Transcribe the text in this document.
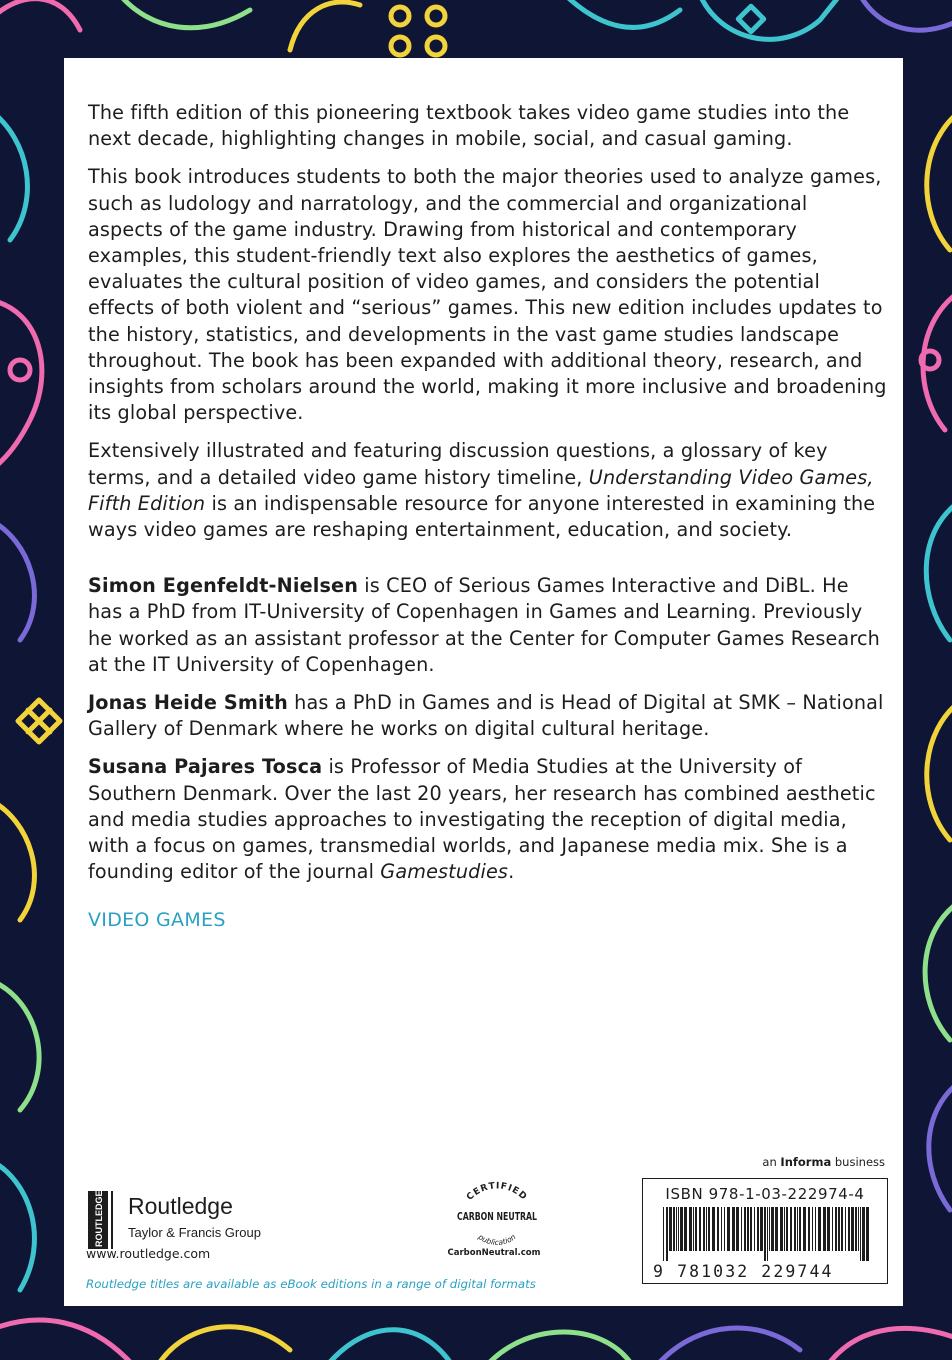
The fifth edition of this pioneering textbook takes video game studies into the next decade, highlighting changes in mobile, social, and casual gaming.

This book introduces students to both the major theories used to analyze games, such as ludology and narratology, and the commercial and organizational aspects of the game industry. Drawing from historical and contemporary examples, this student-friendly text also explores the aesthetics of games, evaluates the cultural position of video games, and considers the potential effects of both violent and “serious” games. This new edition includes updates to the history, statistics, and developments in the vast game studies landscape throughout. The book has been expanded with additional theory, research, and insights from scholars around the world, making it more inclusive and broadening its global perspective.

Extensively illustrated and featuring discussion questions, a glossary of key terms, and a detailed video game history timeline, Understanding Video Games, Fifth Edition is an indispensable resource for anyone interested in examining the ways video games are reshaping entertainment, education, and society.

Simon Egenfeldt-Nielsen is CEO of Serious Games Interactive and DiBL. He has a PhD from IT-University of Copenhagen in Games and Learning. Previously he worked as an assistant professor at the Center for Computer Games Research at the IT University of Copenhagen.

Jonas Heide Smith has a PhD in Games and is Head of Digital at SMK – National Gallery of Denmark where he works on digital cultural heritage.

Susana Pajares Tosca is Professor of Media Studies at the University of Southern Denmark. Over the last 20 years, her research has combined aesthetic and media studies approaches to investigating the reception of digital media, with a focus on games, transmedial worlds, and Japanese media mix. She is a founding editor of the journal Gamestudies.

VIDEO GAMES
an Informa business
ISBN 978-1-03-222974-4
9 781032 229744
ROUTLEDGE Routledge
Taylor & Francis Group
www.routledge.com
CERTIFIED
CARBON NEUTRAL
publication
CarbonNeutral.com
Routledge titles are available as eBook editions in a range of digital formats
